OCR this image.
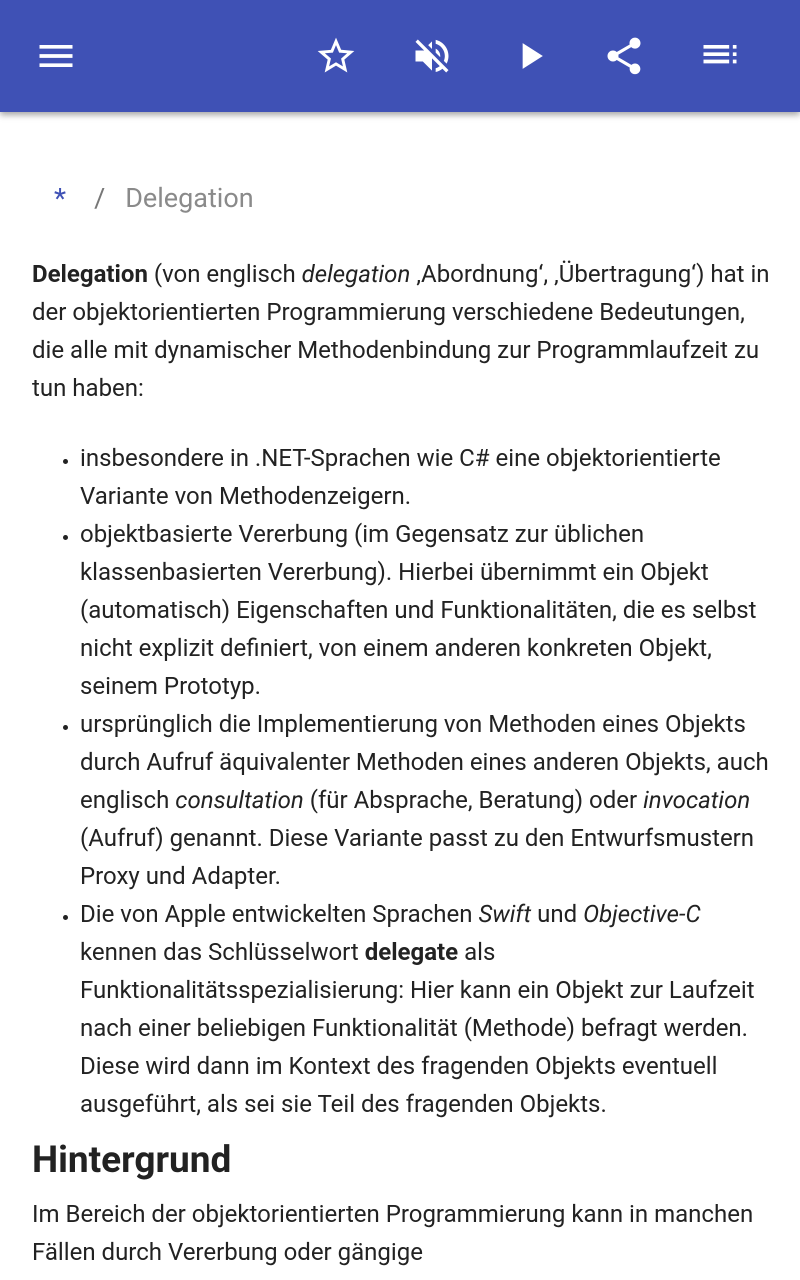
* / Delegation

Delegation (von englisch delegation ‚Abordnung‘, ‚Übertragung‘) hat in der objektorientierten Programmierung verschiedene Bedeutungen, die alle mit dynamischer Methodenbindung zur Programmlaufzeit zu tun haben:

• insbesondere in .NET-Sprachen wie C# eine objektorientierte Variante von Methodenzeigern.
• objektbasierte Vererbung (im Gegensatz zur üblichen klassenbasierten Vererbung). Hierbei übernimmt ein Objekt (automatisch) Eigenschaften und Funktionalitäten, die es selbst nicht explizit definiert, von einem anderen konkreten Objekt, seinem Prototyp.
• ursprünglich die Implementierung von Methoden eines Objekts durch Aufruf äquivalenter Methoden eines anderen Objekts, auch englisch consultation (für Absprache, Beratung) oder invocation (Aufruf) genannt. Diese Variante passt zu den Entwurfsmustern Proxy und Adapter.
• Die von Apple entwickelten Sprachen Swift und Objective-C kennen das Schlüsselwort delegate als Funktionalitätsspezialisierung: Hier kann ein Objekt zur Laufzeit nach einer beliebigen Funktionalität (Methode) befragt werden. Diese wird dann im Kontext des fragenden Objekts eventuell ausgeführt, als sei sie Teil des fragenden Objekts.
Hintergrund

Im Bereich der objektorientierten Programmierung kann in manchen Fällen durch Vererbung oder gängige
